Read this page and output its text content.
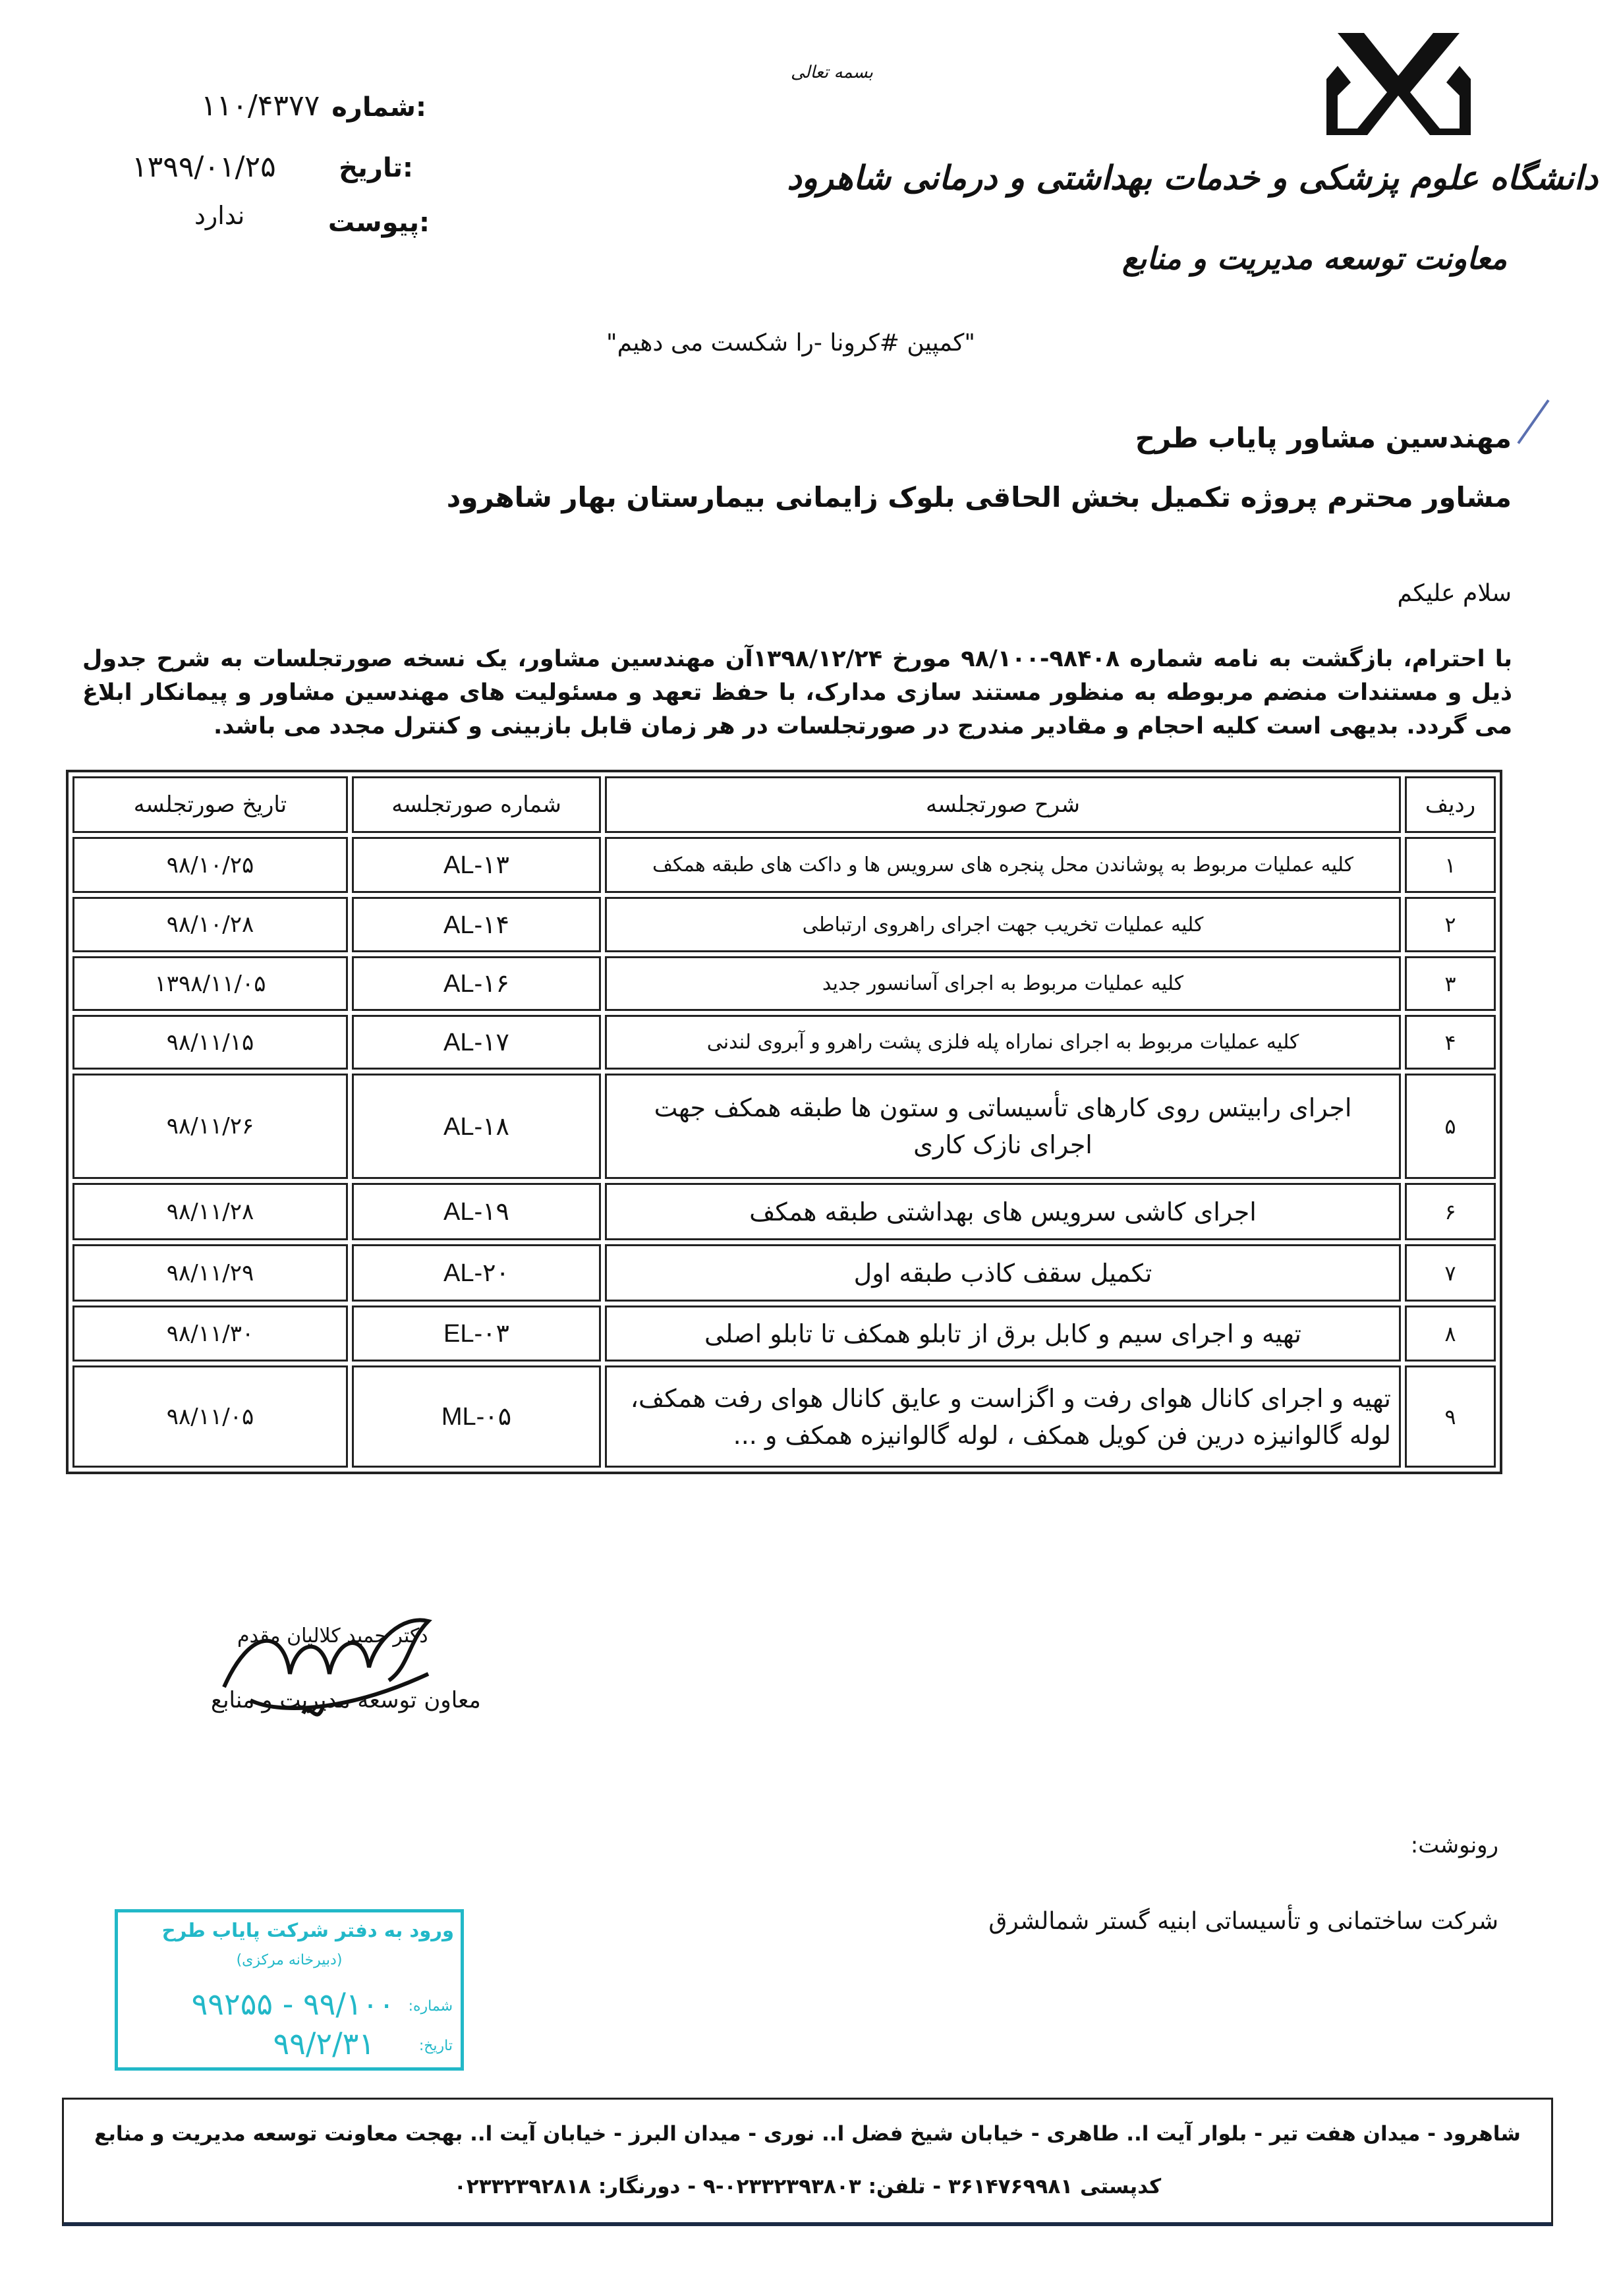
دانشگاه علوم پزشکی و خدمات بهداشتی و درمانی شاهرود
معاونت توسعه مدیریت و منابع
بسمه تعالی
شماره:
۱۱۰/۴۳۷۷
تاریخ:
۱۳۹۹/۰۱/۲۵
پیوست:
ندارد
"کمپین #کرونا -را شکست می دهیم"
مهندسین مشاور پایاب طرح
مشاور محترم پروژه تکمیل بخش الحاقی بلوک زایمانی بیمارستان بهار شاهرود
سلام علیکم
با احترام، بازگشت به نامه شماره ۹۸۴۰۸-۹۸/۱۰۰ مورخ ۱۳۹۸/۱۲/۲۴آن مهندسین مشاور، یک نسخه صورتجلسات به شرح جدول ذیل و مستندات منضم مربوطه به منظور مستند سازی مدارک، با حفظ تعهد و مسئولیت های مهندسین مشاور و پیمانکار ابلاغ می گردد. بدیهی است کلیه احجام و مقادیر مندرج در صورتجلسات در هر زمان قابل بازبینی و کنترل مجدد می باشد.
ردیف	شرح صورتجلسه	شماره صورتجلسه	تاریخ صورتجلسه
۱	کلیه عملیات مربوط به پوشاندن محل پنجره های سرویس ها و داکت های طبقه همکف	AL-۱۳	۹۸/۱۰/۲۵
۲	کلیه عملیات تخریب جهت اجرای راهروی ارتباطی	AL-۱۴	۹۸/۱۰/۲۸
۳	کلیه عملیات مربوط به اجرای آسانسور جدید	AL-۱۶	۱۳۹۸/۱۱/۰۵
۴	کلیه عملیات مربوط به اجرای نماراه پله فلزی پشت راهرو و آبروی لندنی	AL-۱۷	۹۸/۱۱/۱۵
۵	اجرای رابیتس روی کارهای تأسیساتی و ستون ها طبقه همکف جهت اجرای نازک کاری	AL-۱۸	۹۸/۱۱/۲۶
۶	اجرای کاشی سرویس های بهداشتی طبقه همکف	AL-۱۹	۹۸/۱۱/۲۸
۷	تکمیل سقف کاذب طبقه اول	AL-۲۰	۹۸/۱۱/۲۹
۸	تهیه و اجرای سیم و کابل برق از تابلو همکف تا تابلو اصلی	EL-۰۳	۹۸/۱۱/۳۰
۹	تهیه و اجرای کانال هوای رفت و اگزاست و عایق کانال هوای رفت همکف، لوله گالوانیزه درین فن کویل همکف ، لوله گالوانیزه همکف و ...	ML-۰۵	۹۸/۱۱/۰۵
دکتر حمید کلالیان مقدم
معاون توسعه مدیریت و منابع
رونوشت:
شرکت ساختمانی و تأسیساتی ابنیه گستر شمالشرق
ورود به دفتر شرکت پایاب طرح
(دبیرخانه مرکزی)
شماره:
۹۹۲۵۵ - ۹۹/۱۰۰
تاریخ:
۹۹/۲/۳۱
شاهرود - میدان هفت تیر - بلوار آیت ا.. طاهری - خیابان شیخ فضل ا.. نوری - میدان البرز - خیابان آیت ا.. بهجت معاونت توسعه مدیریت و منابع
کدپستی ۳۶۱۴۷۶۹۹۸۱ - تلفن: ۰۲۳۳۲۳۹۳۸۰۳-۹ - دورنگار: ۰۲۳۳۲۳۹۲۸۱۸
